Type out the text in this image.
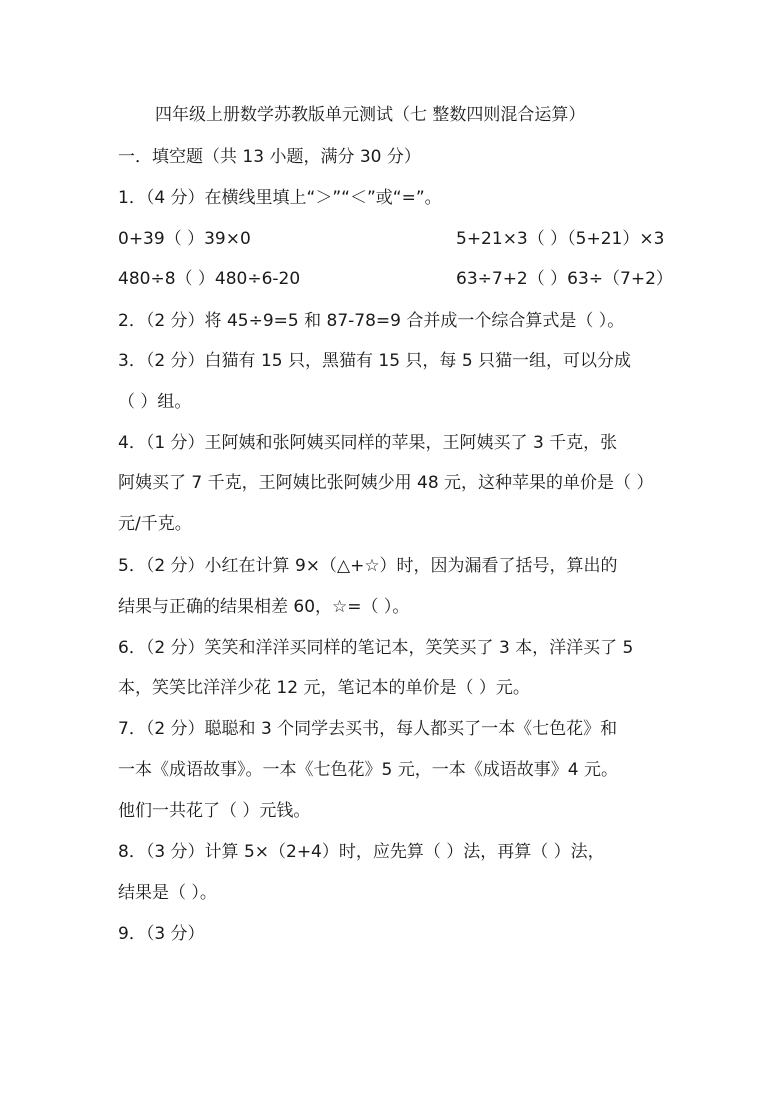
四年级上册数学苏教版单元测试（七 整数四则混合运算）
一．填空题（共 13 小题，满分 30 分）
1．（4 分）在横线里填上“＞”“＜”或“=”。
0+39（ ）39×0	5+21×3（ ）（5+21）×3
480÷8（ ）480÷6-20	63÷7+2（ ）63÷（7+2）
2．（2 分）将 45÷9=5 和 87-78=9 合并成一个综合算式是（ ）。
3．（2 分）白猫有 15 只，黑猫有 15 只，每 5 只猫一组，可以分成
（ ）组。
4．（1 分）王阿姨和张阿姨买同样的苹果，王阿姨买了 3 千克，张
阿姨买了 7 千克，王阿姨比张阿姨少用 48 元，这种苹果的单价是（ ）
元/千克。
5．（2 分）小红在计算 9×（△+☆）时，因为漏看了括号，算出的
结果与正确的结果相差 60，☆=（ ）。
6．（2 分）笑笑和洋洋买同样的笔记本，笑笑买了 3 本，洋洋买了 5
本，笑笑比洋洋少花 12 元，笔记本的单价是（ ）元。
7．（2 分）聪聪和 3 个同学去买书，每人都买了一本《七色花》和
一本《成语故事》。一本《七色花》5 元，一本《成语故事》4 元。
他们一共花了（ ）元钱。
8．（3 分）计算 5×（2+4）时，应先算（ ）法，再算（ ）法，
结果是（ ）。
9．（3 分）
